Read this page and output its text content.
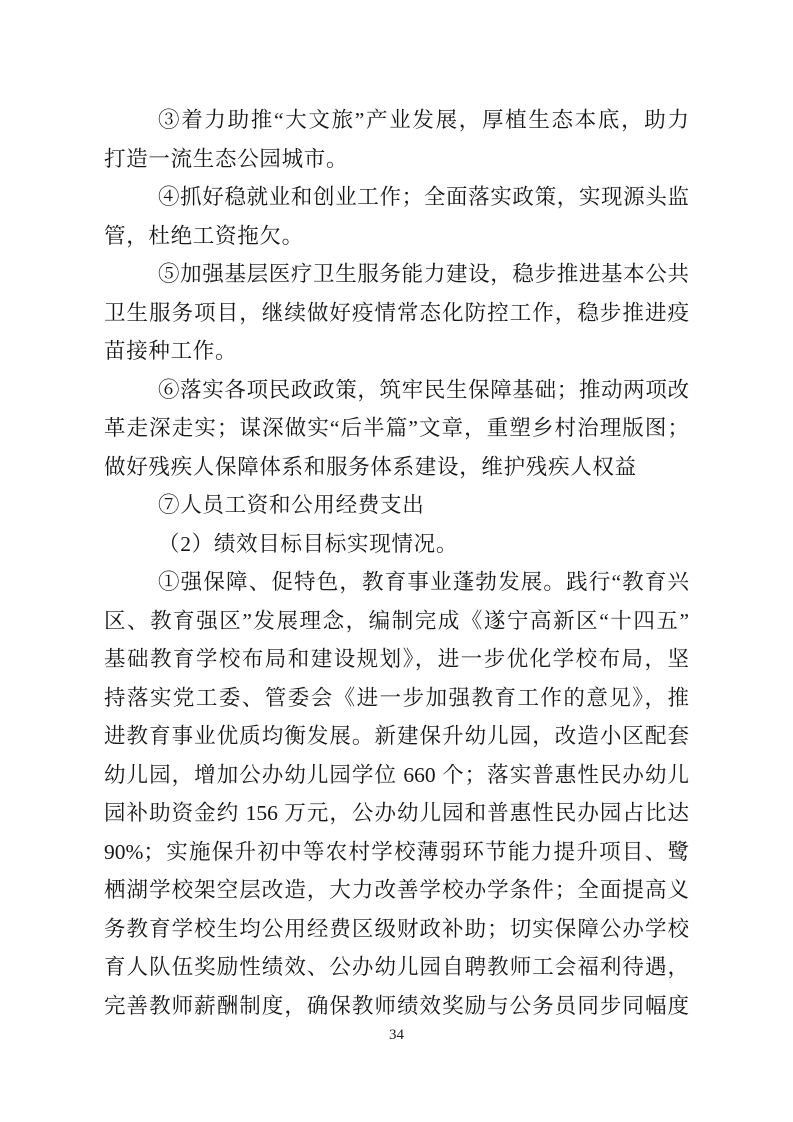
③着力助推“大文旅”产业发展，厚植生态本底，助力
打造一流生态公园城市。
④抓好稳就业和创业工作；全面落实政策，实现源头监
管，杜绝工资拖欠。
⑤加强基层医疗卫生服务能力建设，稳步推进基本公共
卫生服务项目，继续做好疫情常态化防控工作，稳步推进疫
苗接种工作。
⑥落实各项民政政策，筑牢民生保障基础；推动两项改
革走深走实；谋深做实“后半篇”文章，重塑乡村治理版图；
做好残疾人保障体系和服务体系建设，维护残疾人权益
⑦人员工资和公用经费支出
（2）绩效目标目标实现情况。
①强保障、促特色，教育事业蓬勃发展。践行“教育兴
区、教育强区”发展理念，编制完成《遂宁高新区“十四五”
基础教育学校布局和建设规划》，进一步优化学校布局，坚
持落实党工委、管委会《进一步加强教育工作的意见》，推
进教育事业优质均衡发展。新建保升幼儿园，改造小区配套
幼儿园，增加公办幼儿园学位 660 个；落实普惠性民办幼儿
园补助资金约 156 万元，公办幼儿园和普惠性民办园占比达
90%；实施保升初中等农村学校薄弱环节能力提升项目、鹭
栖湖学校架空层改造，大力改善学校办学条件；全面提高义
务教育学校生均公用经费区级财政补助；切实保障公办学校
育人队伍奖励性绩效、公办幼儿园自聘教师工会福利待遇，
完善教师薪酬制度，确保教师绩效奖励与公务员同步同幅度
34
